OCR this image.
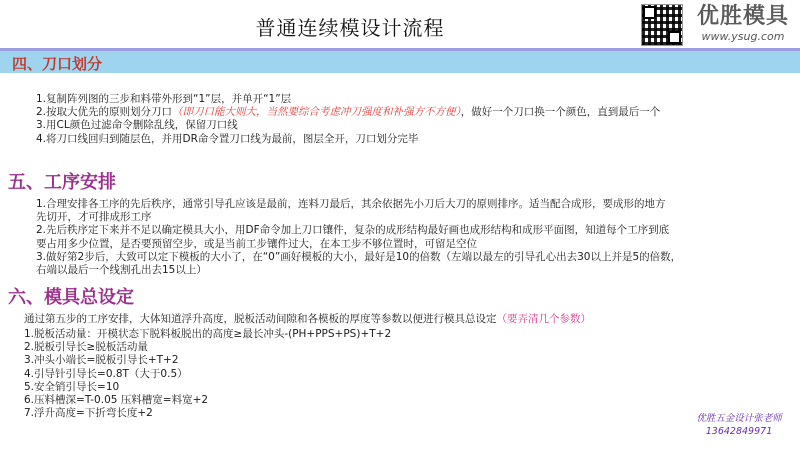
普通连续模设计流程	优胜模具
www.ysug.com
四、刀口划分
1.复制阵列图的三步和料带外形到“1”层，并单开“1”层
2.按取大优先的原则划分刀口（即刀口能大则大，当然要综合考虑冲刀强度和补强方不方便），做好一个刀口换一个颜色，直到最后一个
3.用CL颜色过滤命令删除乱线，保留刀口线
4.将刀口线回归到随层色，并用DR命令置刀口线为最前，图层全开，刀口划分完毕
五、工序安排
1.合理安排各工序的先后秩序，通常引导孔应该是最前，连料刀最后，其余依据先小刀后大刀的原则排序。适当配合成形，要成形的地方
先切开，才可排成形工序
2.先后秩序定下来并不足以确定模具大小，用DF命令加上刀口镶件，复杂的成形结构最好画也成形结构和成形平面图，知道每个工序到底
要占用多少位置，是否要预留空步，或是当前工步镶件过大，在本工步不够位置时，可留足空位
3.做好第2步后，大致可以定下模板的大小了，在“0”画好模板的大小，最好是10的倍数（左端以最左的引导孔心出去30以上并是5的倍数，
右端以最后一个线割孔出去15以上）
六、模具总设定
通过第五步的工序安排，大体知道浮升高度，脱板活动间隙和各模板的厚度等参数以便进行模具总设定（要弄清几个参数）
1.脱板活动量：开模状态下脱料板脱出的高度≥最长冲头-(PH+PPS+PS)+T+2
2.脱板引导长≥脱板活动量
3.冲头小端长=脱板引导长+T+2
4.引导针引导长=0.8T（大于0.5）
5.安全销引导长=10
6.压料槽深=T-0.05 压料槽宽=料宽+2
7.浮升高度=下折弯长度+2	优胜五金设计张老师
13642849971
